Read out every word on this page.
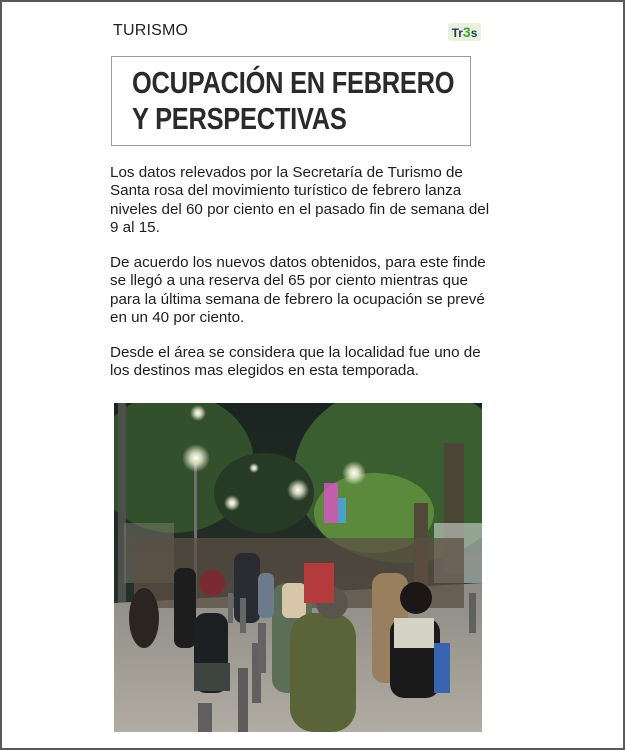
TURISMO	Tr3s
OCUPACIÓN EN FEBRERO
Y PERSPECTIVAS

Los datos relevados por la Secretaría de Turismo de Santa rosa del movimiento turístico de febrero lanza niveles del 60 por ciento en el pasado fin de semana del 9 al 15.

De acuerdo los nuevos datos obtenidos, para este finde se llegó a una reserva del 65 por ciento mientras que para la última semana de febrero la ocupación se prevé en un 40 por ciento.

Desde el área se considera que la localidad fue uno de los destinos mas elegidos en esta temporada.
